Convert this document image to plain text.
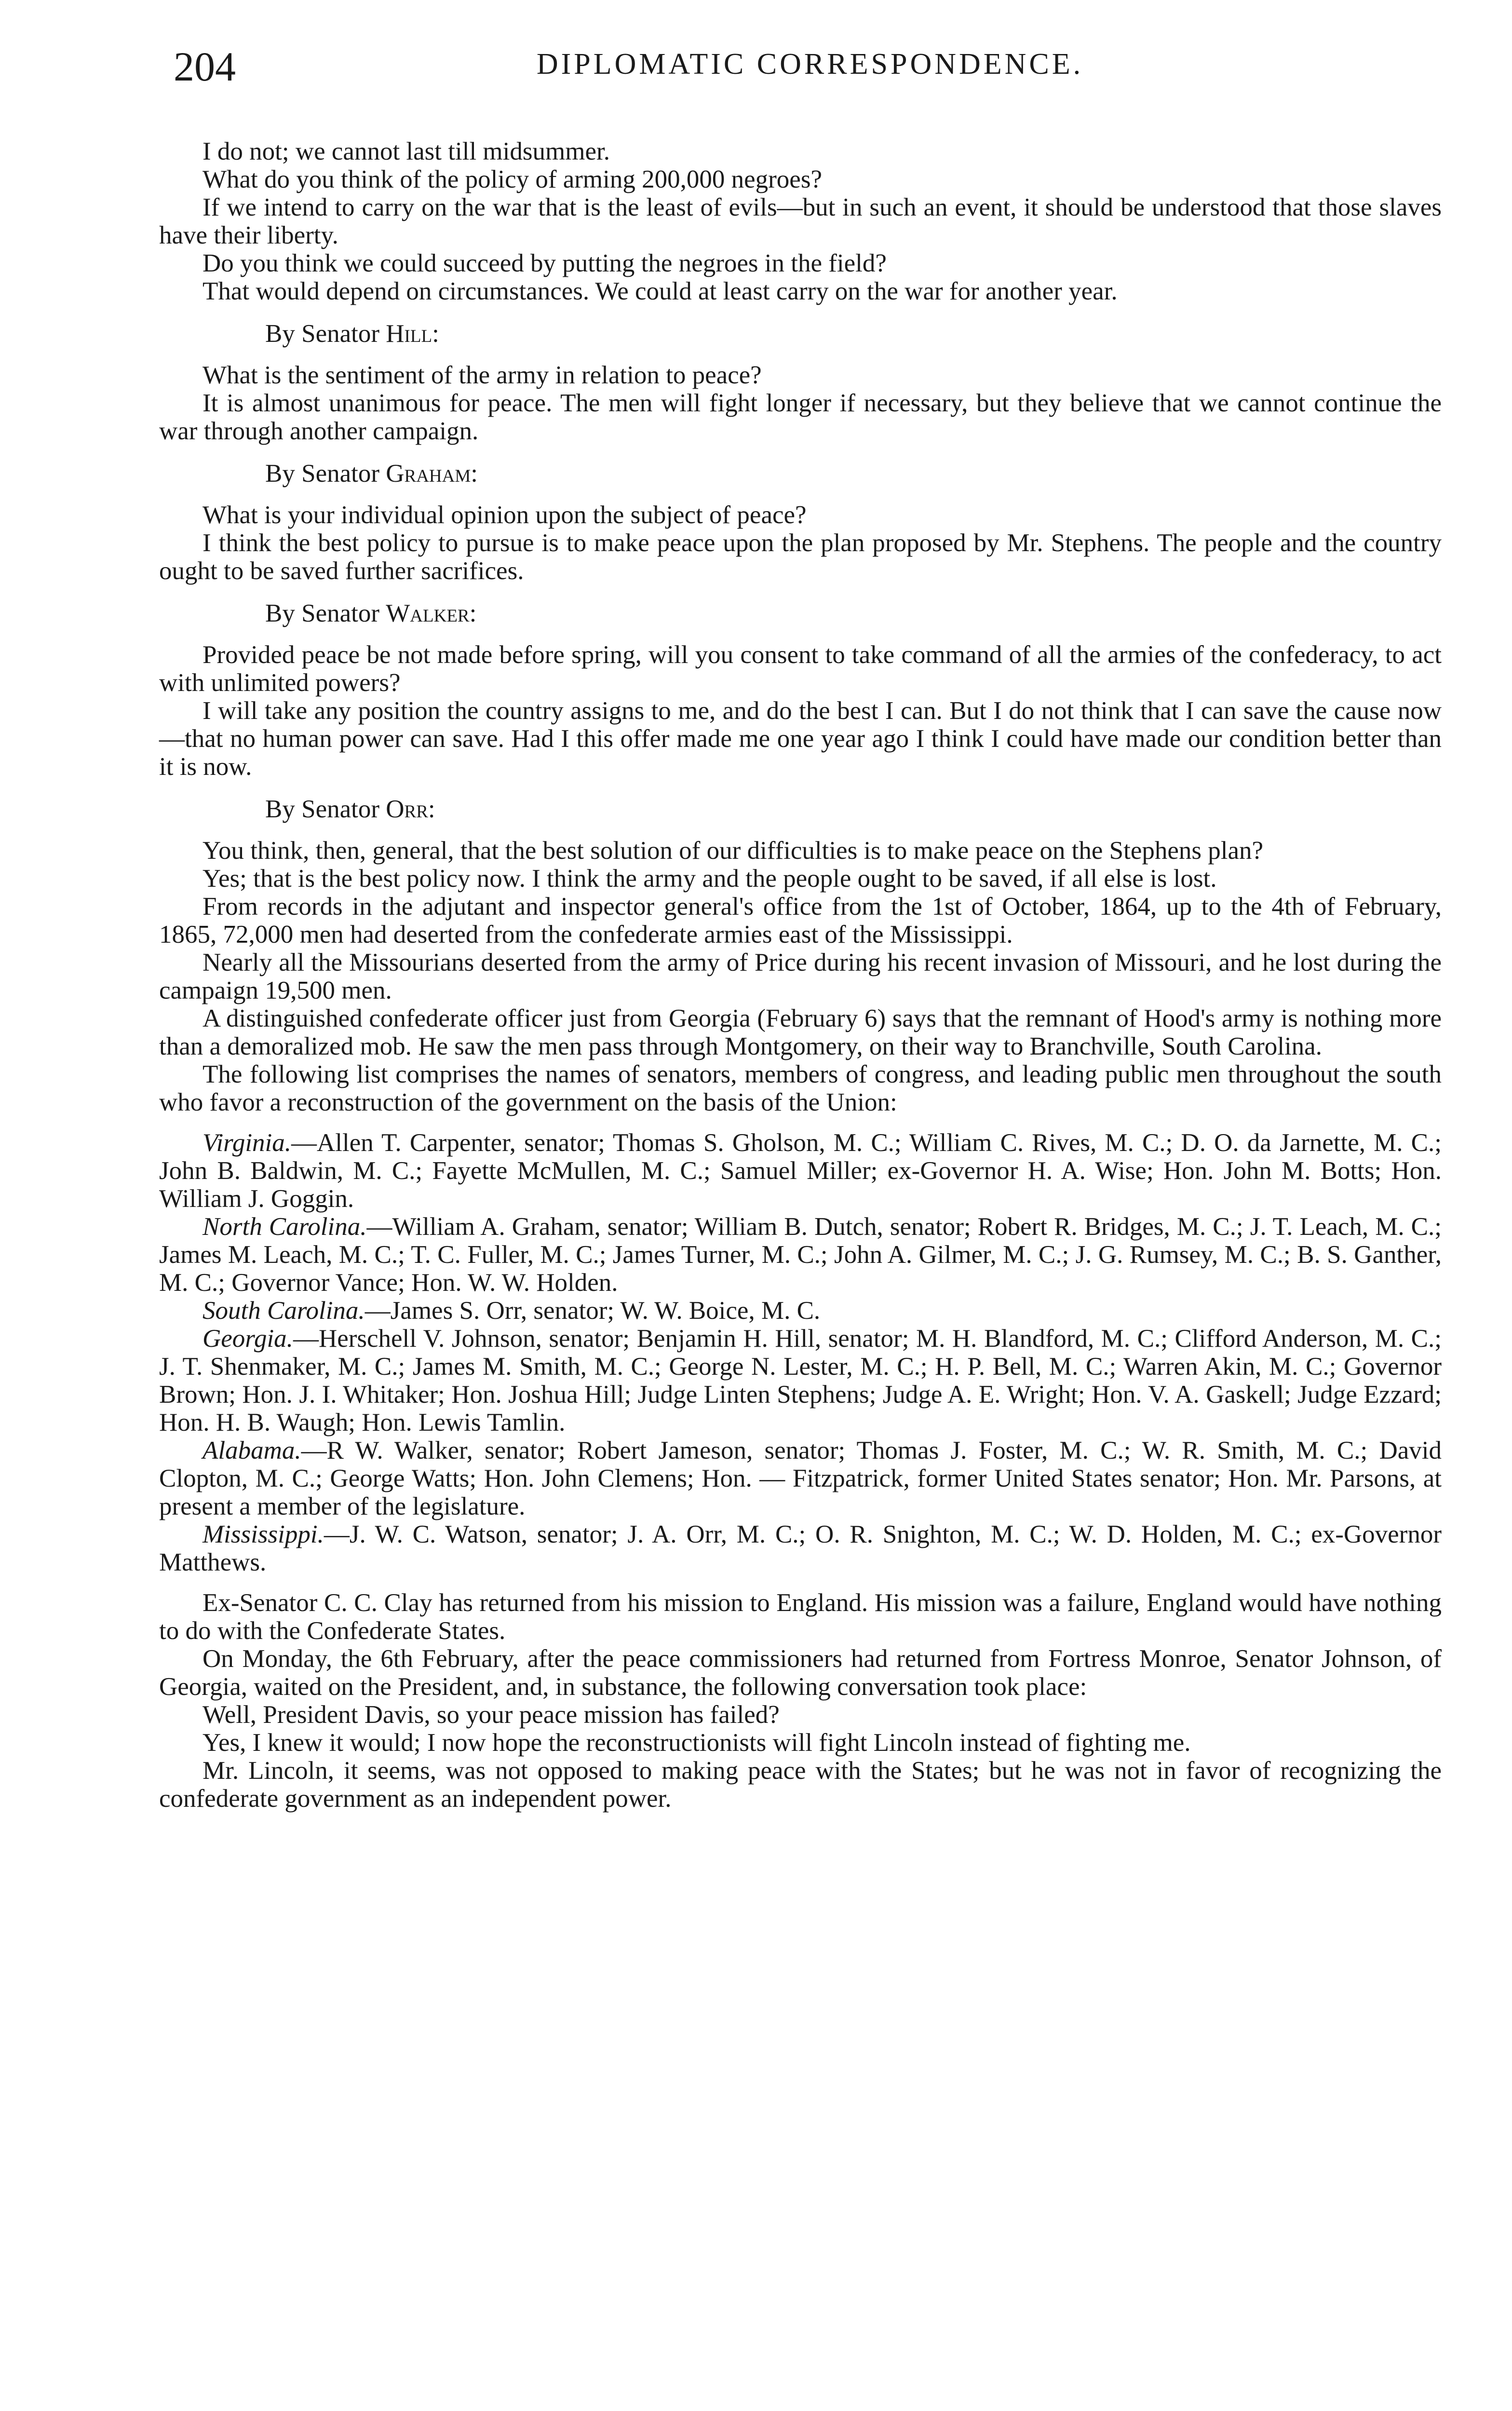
204	DIPLOMATIC CORRESPONDENCE.

I do not; we cannot last till midsummer.

What do you think of the policy of arming 200,000 negroes?

If we intend to carry on the war that is the least of evils—but in such an event, it should be understood that those slaves have their liberty.

Do you think we could succeed by putting the negroes in the field?

That would depend on circumstances. We could at least carry on the war for another year.

By Senator Hill:

What is the sentiment of the army in relation to peace?

It is almost unanimous for peace. The men will fight longer if necessary, but they believe that we cannot continue the war through another campaign.

By Senator Graham:

What is your individual opinion upon the subject of peace?

I think the best policy to pursue is to make peace upon the plan proposed by Mr. Stephens. The people and the country ought to be saved further sacrifices.

By Senator Walker:

Provided peace be not made before spring, will you consent to take command of all the armies of the confederacy, to act with unlimited powers?

I will take any position the country assigns to me, and do the best I can. But I do not think that I can save the cause now—that no human power can save. Had I this offer made me one year ago I think I could have made our condition better than it is now.

By Senator Orr:

You think, then, general, that the best solution of our difficulties is to make peace on the Stephens plan?

Yes; that is the best policy now. I think the army and the people ought to be saved, if all else is lost.

From records in the adjutant and inspector general's office from the 1st of October, 1864, up to the 4th of February, 1865, 72,000 men had deserted from the confederate armies east of the Mississippi.

Nearly all the Missourians deserted from the army of Price during his recent invasion of Missouri, and he lost during the campaign 19,500 men.

A distinguished confederate officer just from Georgia (February 6) says that the remnant of Hood's army is nothing more than a demoralized mob. He saw the men pass through Montgomery, on their way to Branchville, South Carolina.

The following list comprises the names of senators, members of congress, and leading public men throughout the south who favor a reconstruction of the government on the basis of the Union:

Virginia.—Allen T. Carpenter, senator; Thomas S. Gholson, M. C.; William C. Rives, M. C.; D. O. da Jarnette, M. C.; John B. Baldwin, M. C.; Fayette McMullen, M. C.; Samuel Miller; ex-Governor H. A. Wise; Hon. John M. Botts; Hon. William J. Goggin.

North Carolina.—William A. Graham, senator; William B. Dutch, senator; Robert R. Bridges, M. C.; J. T. Leach, M. C.; James M. Leach, M. C.; T. C. Fuller, M. C.; James Turner, M. C.; John A. Gilmer, M. C.; J. G. Rumsey, M. C.; B. S. Ganther, M. C.; Governor Vance; Hon. W. W. Holden.

South Carolina.—James S. Orr, senator; W. W. Boice, M. C.

Georgia.—Herschell V. Johnson, senator; Benjamin H. Hill, senator; M. H. Blandford, M. C.; Clifford Anderson, M. C.; J. T. Shenmaker, M. C.; James M. Smith, M. C.; George N. Lester, M. C.; H. P. Bell, M. C.; Warren Akin, M. C.; Governor Brown; Hon. J. I. Whitaker; Hon. Joshua Hill; Judge Linten Stephens; Judge A. E. Wright; Hon. V. A. Gaskell; Judge Ezzard; Hon. H. B. Waugh; Hon. Lewis Tamlin.

Alabama.—R W. Walker, senator; Robert Jameson, senator; Thomas J. Foster, M. C.; W. R. Smith, M. C.; David Clopton, M. C.; George Watts; Hon. John Clemens; Hon. — Fitzpatrick, former United States senator; Hon. Mr. Parsons, at present a member of the legislature.

Mississippi.—J. W. C. Watson, senator; J. A. Orr, M. C.; O. R. Snighton, M. C.; W. D. Holden, M. C.; ex-Governor Matthews.

Ex-Senator C. C. Clay has returned from his mission to England. His mission was a failure, England would have nothing to do with the Confederate States.

On Monday, the 6th February, after the peace commissioners had returned from Fortress Monroe, Senator Johnson, of Georgia, waited on the President, and, in substance, the following conversation took place:

Well, President Davis, so your peace mission has failed?

Yes, I knew it would; I now hope the reconstructionists will fight Lincoln instead of fighting me.

Mr. Lincoln, it seems, was not opposed to making peace with the States; but he was not in favor of recognizing the confederate government as an independent power.
